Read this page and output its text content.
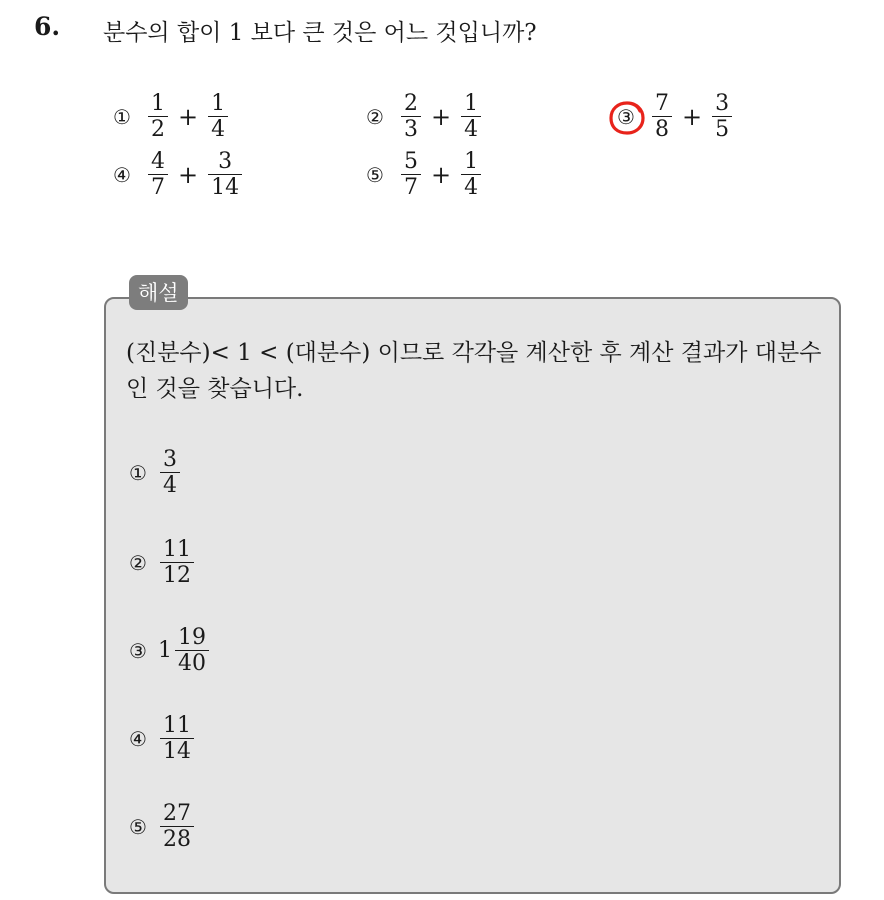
6. 분수의 합이 1 보다 큰 것은 어느 것입니까?
① $\frac{1}{2} + \frac{1}{4}$	② $\frac{2}{3} + \frac{1}{4}$	③ $\frac{7}{8} + \frac{3}{5}$
④ $\frac{4}{7} + \frac{3}{14}$	⑤ $\frac{5}{7} + \frac{1}{4}$
해설
(진분수)< 1 < (대분수) 이므로 각각을 계산한 후 계산 결과가 대분수인 것을 찾습니다.
① $\frac{3}{4}$
② $\frac{11}{12}$
③ $1 \frac{19}{40}$
④ $\frac{11}{14}$
⑤ $\frac{27}{28}$
